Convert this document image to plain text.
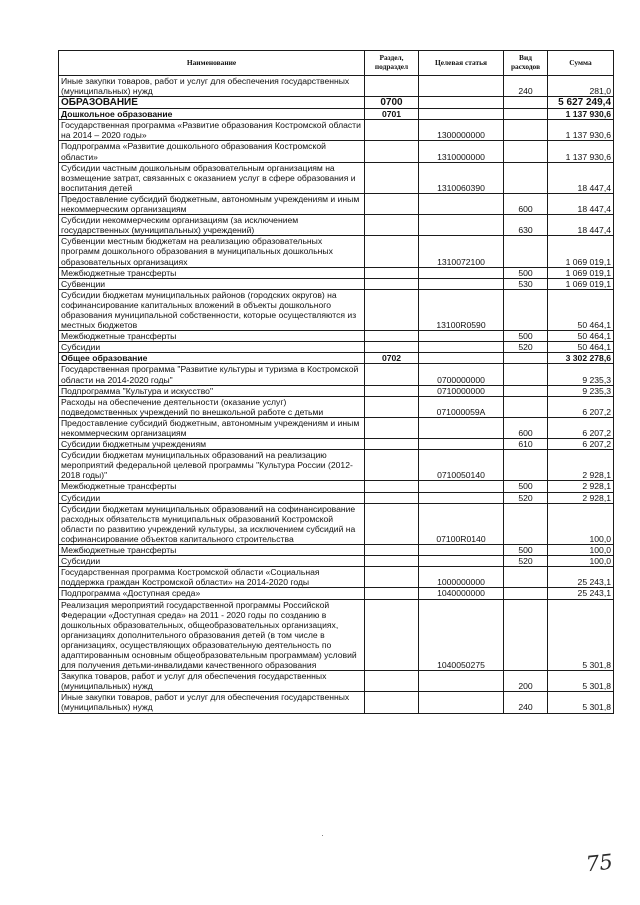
Наименование	Раздел, подраздел	Целевая статья	Вид расходов	Сумма
Иные закупки товаров, работ и услуг для обеспечения государственных (муниципальных) нужд			240	281,0
ОБРАЗОВАНИЕ	0700			5 627 249,4
Дошкольное образование	0701			1 137 930,6
Государственная программа «Развитие образования Костромской области на 2014 – 2020 годы»		1300000000		1 137 930,6
Подпрограмма «Развитие дошкольного образования Костромской области»		1310000000		1 137 930,6
Субсидии частным дошкольным образовательным организациям на возмещение затрат, связанных с оказанием услуг в сфере образования и воспитания детей		1310060390		18 447,4
Предоставление субсидий бюджетным, автономным учреждениям и иным некоммерческим организациям			600	18 447,4
Субсидии некоммерческим организациям (за исключением государственных (муниципальных) учреждений)			630	18 447,4
Субвенции местным бюджетам на реализацию образовательных программ дошкольного образования в муниципальных дошкольных образовательных организациях		1310072100		1 069 019,1
Межбюджетные трансферты			500	1 069 019,1
Субвенции			530	1 069 019,1
Субсидии бюджетам муниципальных районов (городских округов) на софинансирование капитальных вложений в объекты дошкольного образования муниципальной собственности, которые осуществляются из местных бюджетов		13100R0590		50 464,1
Межбюджетные трансферты			500	50 464,1
Субсидии			520	50 464,1
Общее образование	0702			3 302 278,6
Государственная программа "Развитие культуры и туризма в Костромской области на 2014-2020 годы"		0700000000		9 235,3
Подпрограмма "Культура и искусство"		0710000000		9 235,3
Расходы на обеспечение деятельности (оказание услуг) подведомственных учреждений по внешкольной работе с детьми		071000059А		6 207,2
Предоставление субсидий бюджетным, автономным учреждениям и иным некоммерческим организациям			600	6 207,2
Субсидии бюджетным учреждениям			610	6 207,2
Субсидии бюджетам муниципальных образований на реализацию мероприятий федеральной целевой программы "Культура России (2012-2018 годы)"		0710050140		2 928,1
Межбюджетные трансферты			500	2 928,1
Субсидии			520	2 928,1
Субсидии бюджетам муниципальных образований на софинансирование расходных обязательств муниципальных образований Костромской области по развитию учреждений культуры, за исключением субсидий на софинансирование объектов капитального строительства		07100R0140		100,0
Межбюджетные трансферты			500	100,0
Субсидии			520	100,0
Государственная программа Костромской области «Социальная поддержка граждан Костромской области» на 2014-2020 годы		1000000000		25 243,1
Подпрограмма «Доступная среда»		1040000000		25 243,1
Реализация мероприятий государственной программы Российской Федерации «Доступная среда» на 2011 - 2020 годы по созданию в дошкольных образовательных, общеобразовательных организациях, организациях дополнительного образования детей (в том числе в организациях, осуществляющих образовательную деятельность по адаптированным основным общеобразовательным программам) условий для получения детьми-инвалидами качественного образования		1040050275		5 301,8
Закупка товаров, работ и услуг для обеспечения государственных (муниципальных) нужд			200	5 301,8
Иные закупки товаров, работ и услуг для обеспечения государственных (муниципальных) нужд			240	5 301,8
75
